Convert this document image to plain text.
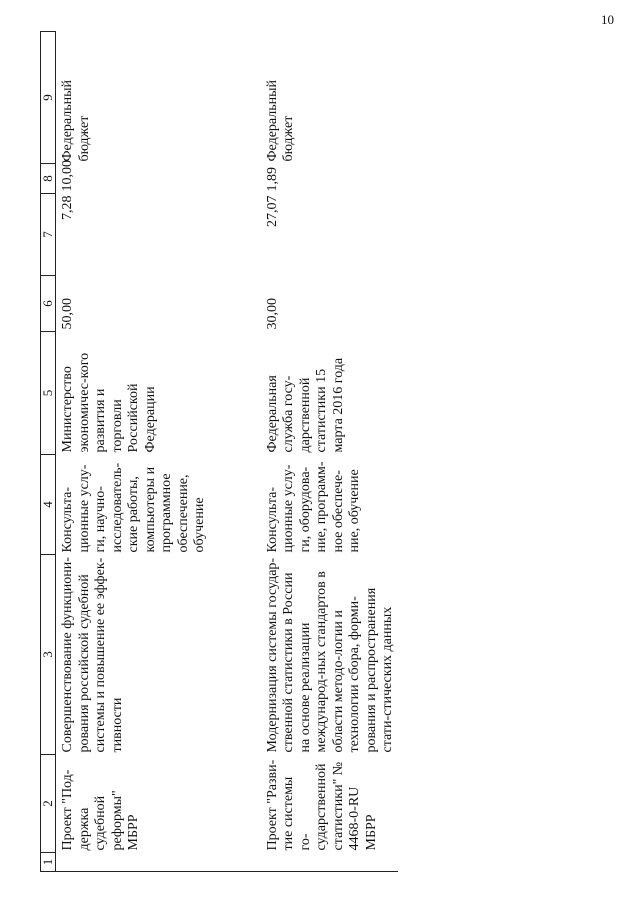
10
1	2	3	4	5	6	7	8	9
	Проект "Под-держка судебной реформы" МБРР	Совершенствование функциони-рования российской судебной системы и повышение ее эффек-тивности	Консульта-ционные услу-ги, научно-исследователь-ские работы, компьютеры и программное обеспечение, обучение	Министерство экономичес-кого развития и торговли Российской Федерации	50,00	7,28	10,00	Федеральный бюджет
	Проект "Разви-тие системы го-сударственной статистики" № 4468-0-RU МБРР	Модернизация системы государ-ственной статистики в России на основе реализации международ-ных стандартов в области методо-логии и технологии сбора, форми-рования и распространения стати-стических данных	Консульта-ционные услу-ги, оборудова-ние, программ-ное обеспече-ние, обучение	Федеральная служба госу-дарственной статистики 15 марта 2016 года	30,00	27,07	1,89	Федеральный бюджет
